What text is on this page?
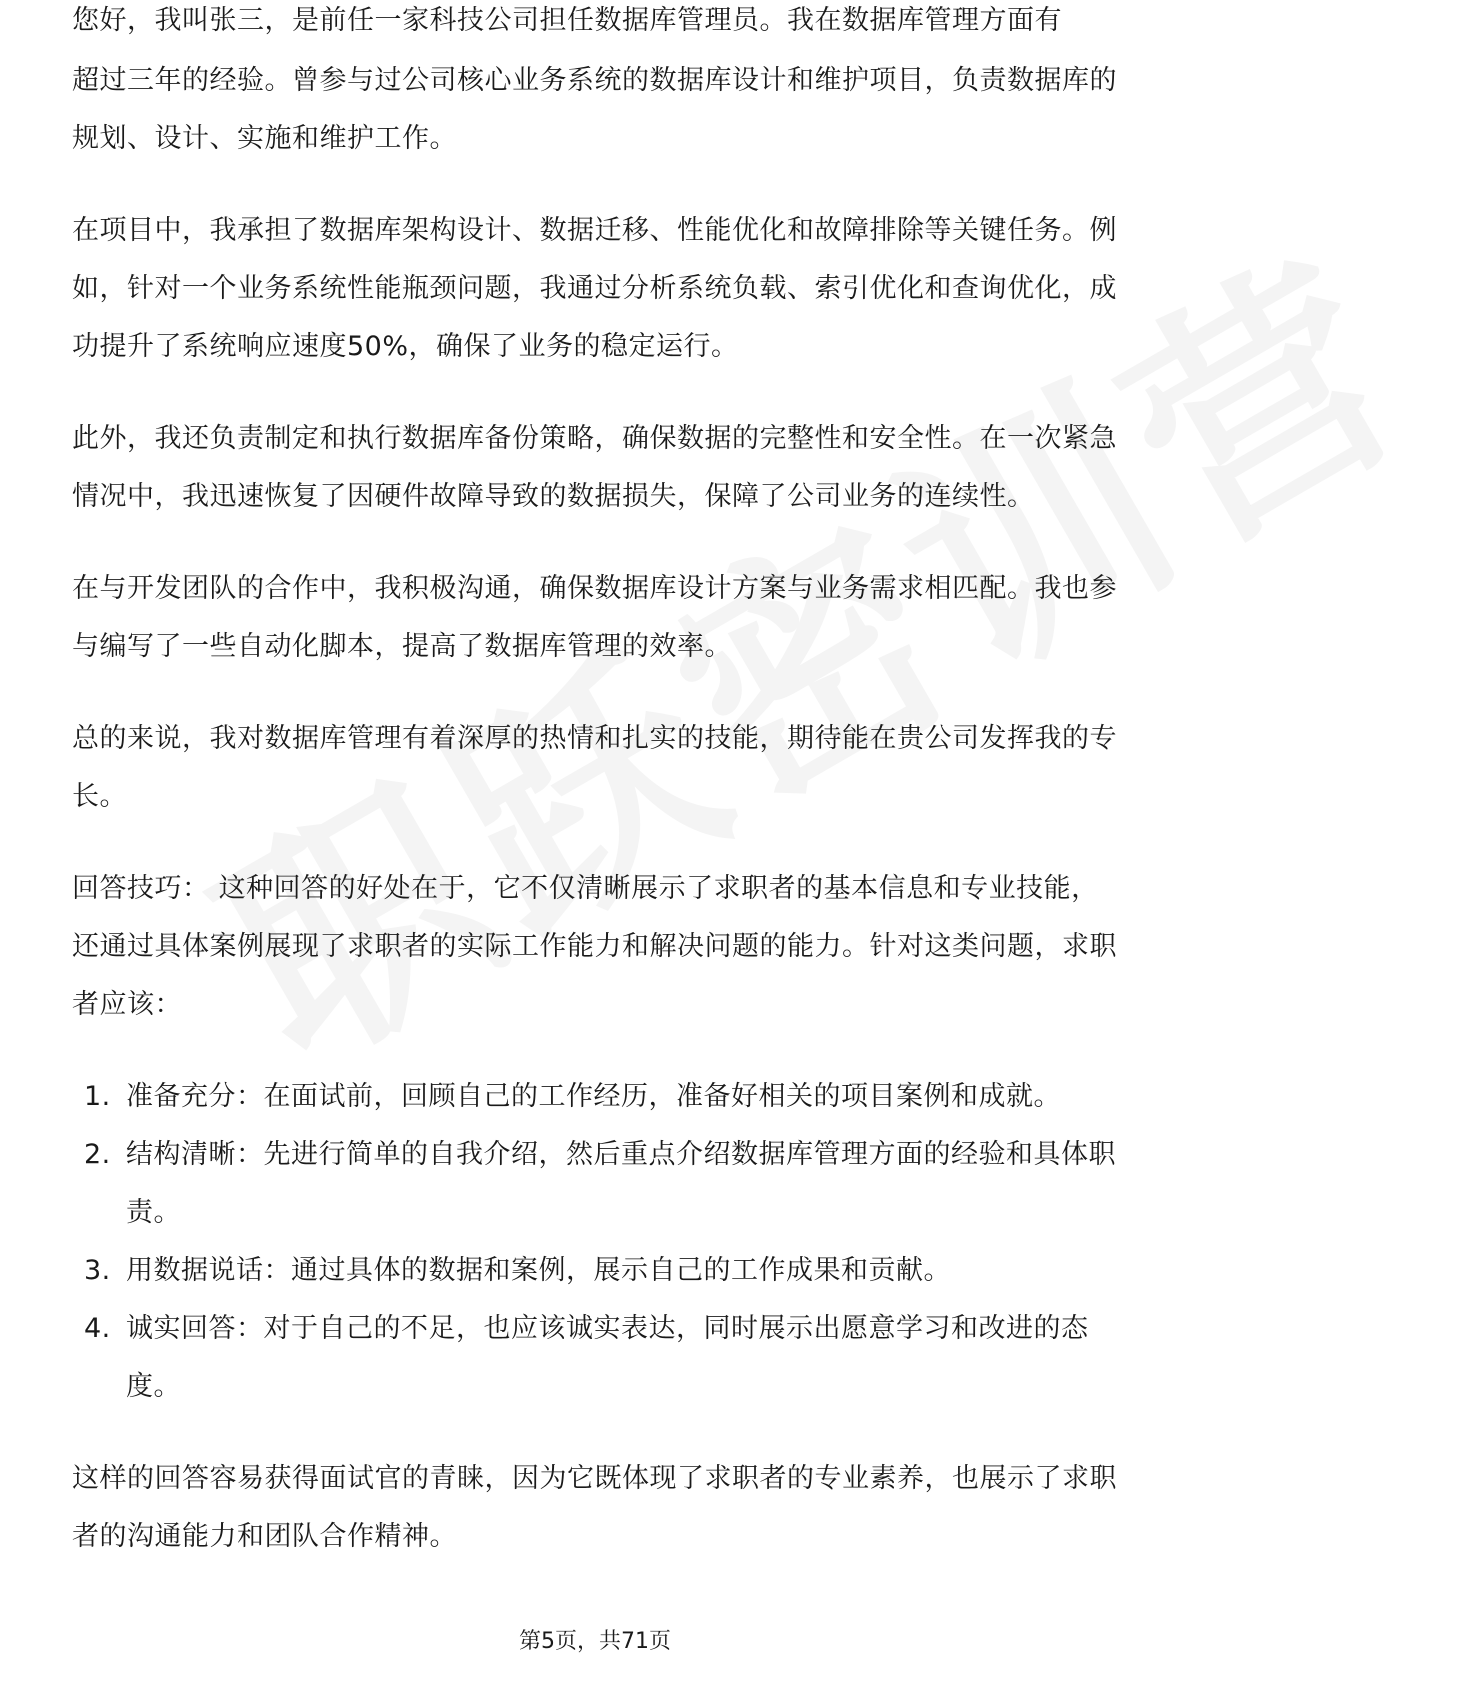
您好，我叫张三，是前任一家科技公司担任数据库管理员。我在数据库管理方面有

超过三年的经验。曾参与过公司核心业务系统的数据库设计和维护项目，负责数据库的规划、设计、实施和维护工作。

在项目中，我承担了数据库架构设计、数据迁移、性能优化和故障排除等关键任务。例如，针对一个业务系统性能瓶颈问题，我通过分析系统负载、索引优化和查询优化，成功提升了系统响应速度50%，确保了业务的稳定运行。

此外，我还负责制定和执行数据库备份策略，确保数据的完整性和安全性。在一次紧急情况中，我迅速恢复了因硬件故障导致的数据损失，保障了公司业务的连续性。

在与开发团队的合作中，我积极沟通，确保数据库设计方案与业务需求相匹配。我也参与编写了一些自动化脚本，提高了数据库管理的效率。

总的来说，我对数据库管理有着深厚的热情和扎实的技能，期待能在贵公司发挥我的专长。

回答技巧： 这种回答的好处在于，它不仅清晰展示了求职者的基本信息和专业技能，还通过具体案例展现了求职者的实际工作能力和解决问题的能力。针对这类问题，求职者应该：

1. 准备充分：在面试前，回顾自己的工作经历，准备好相关的项目案例和成就。
2. 结构清晰：先进行简单的自我介绍，然后重点介绍数据库管理方面的经验和具体职责。
3. 用数据说话：通过具体的数据和案例，展示自己的工作成果和贡献。
4. 诚实回答：对于自己的不足，也应该诚实表达，同时展示出愿意学习和改进的态度。

这样的回答容易获得面试官的青睐，因为它既体现了求职者的专业素养，也展示了求职者的沟通能力和团队合作精神。

第5页，共71页
